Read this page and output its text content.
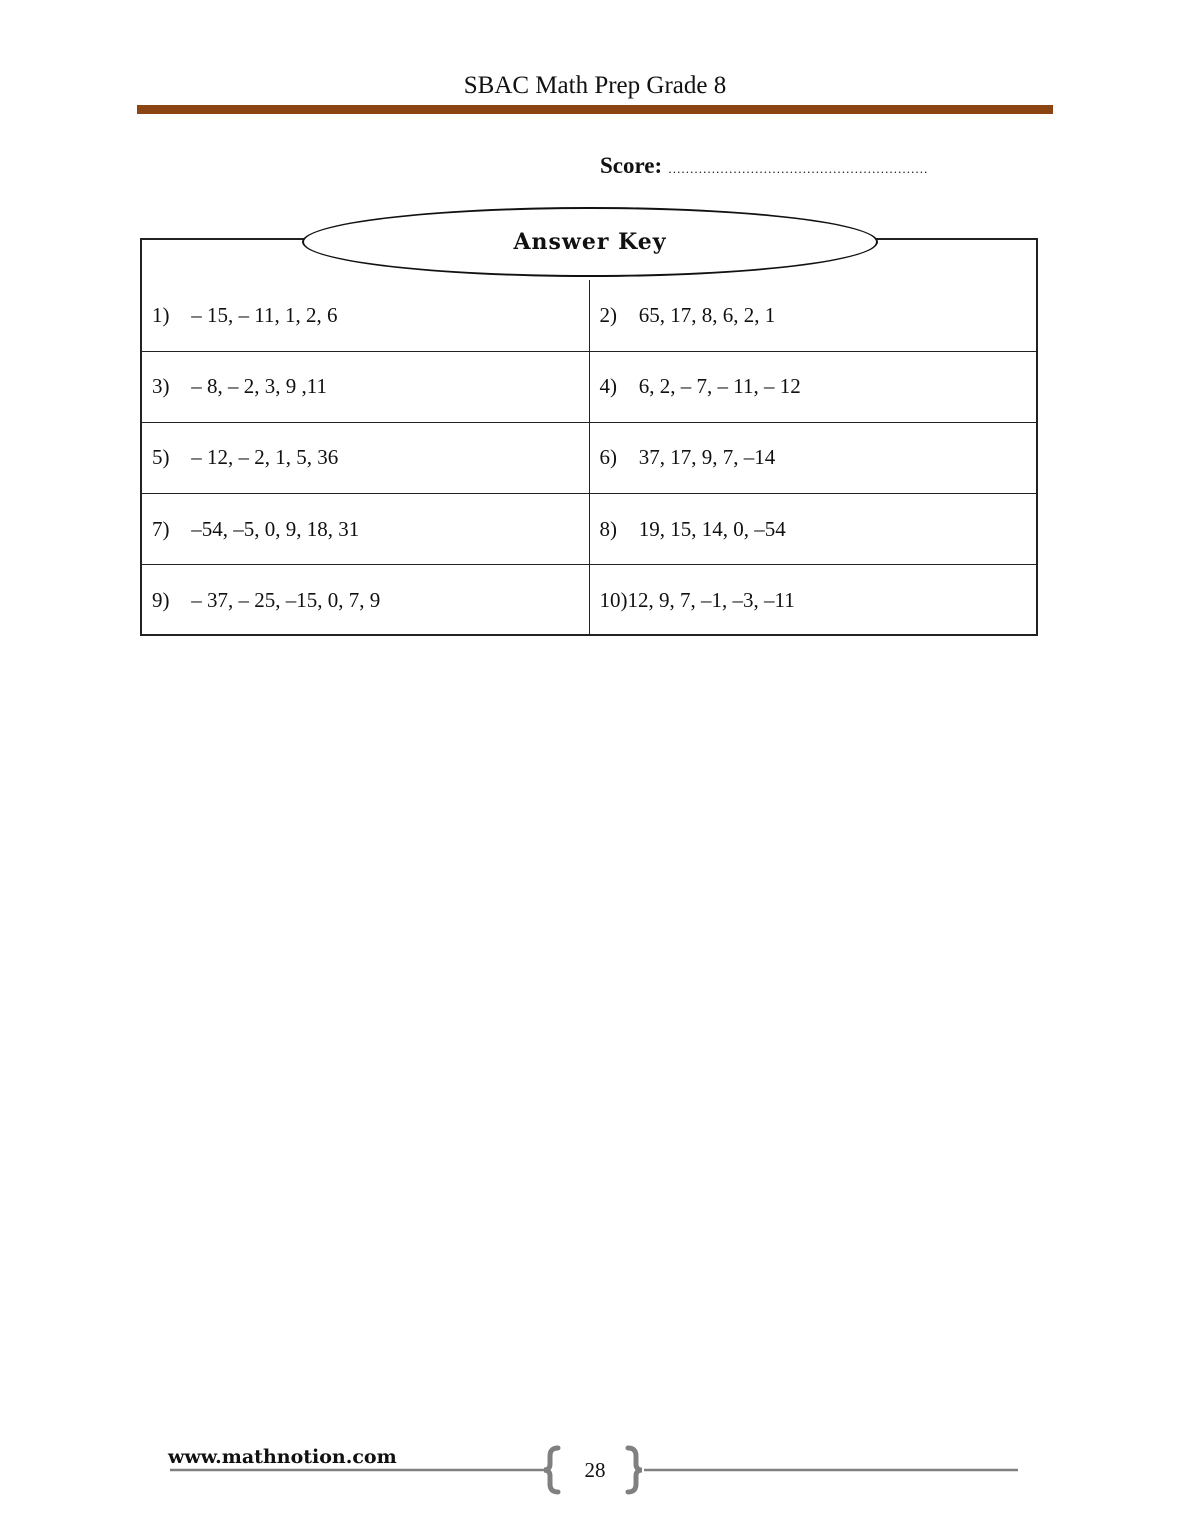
SBAC Math Prep Grade 8
Score: ……………………………………………………
1) – 15, – 11, 1, 2, 6	2) 65, 17, 8, 6, 2, 1
3) – 8, – 2, 3, 9 ,11	4) 6, 2, – 7, – 11, – 12
5) – 12, – 2, 1, 5, 36	6) 37, 17, 9, 7, –14
7) –54, –5, 0, 9, 18, 31	8) 19, 15, 14, 0, –54
9) – 37, – 25, –15, 0, 7, 9	10)12, 9, 7, –1, –3, –11
Answer Key
www.mathnotion.com
28
